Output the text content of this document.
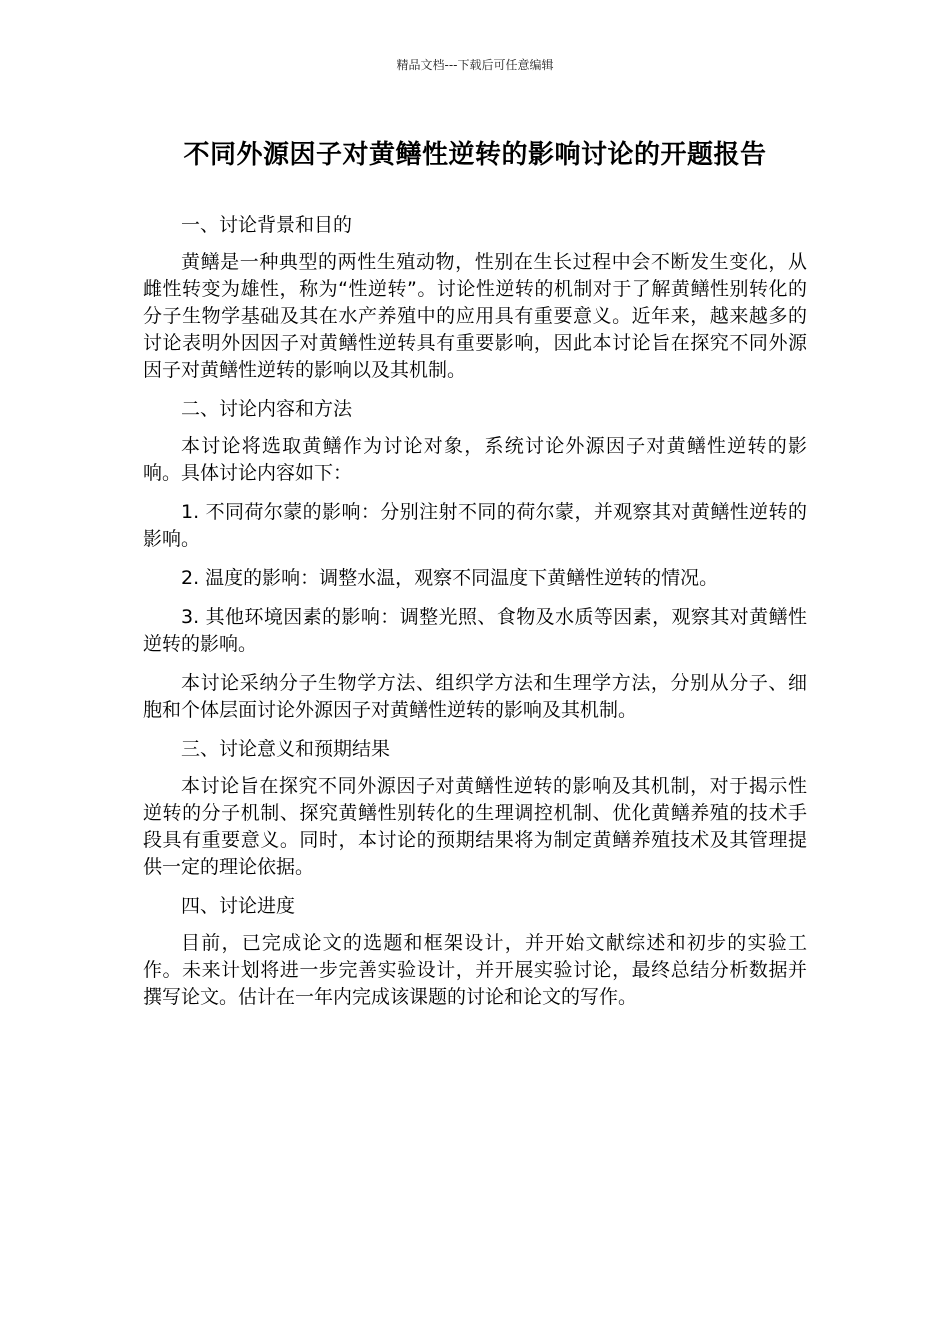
精品文档---下载后可任意编辑
不同外源因子对黄鳝性逆转的影响讨论的开题报告

一、讨论背景和目的

黄鳝是一种典型的两性生殖动物，性别在生长过程中会不断发生变化，从雌性转变为雄性，称为“性逆转”。讨论性逆转的机制对于了解黄鳝性别转化的分子生物学基础及其在水产养殖中的应用具有重要意义。近年来，越来越多的讨论表明外因因子对黄鳝性逆转具有重要影响，因此本讨论旨在探究不同外源因子对黄鳝性逆转的影响以及其机制。

二、讨论内容和方法

本讨论将选取黄鳝作为讨论对象，系统讨论外源因子对黄鳝性逆转的影响。具体讨论内容如下：

1. 不同荷尔蒙的影响：分别注射不同的荷尔蒙，并观察其对黄鳝性逆转的影响。

2. 温度的影响：调整水温，观察不同温度下黄鳝性逆转的情况。

3. 其他环境因素的影响：调整光照、食物及水质等因素，观察其对黄鳝性逆转的影响。

本讨论采纳分子生物学方法、组织学方法和生理学方法，分别从分子、细胞和个体层面讨论外源因子对黄鳝性逆转的影响及其机制。

三、讨论意义和预期结果

本讨论旨在探究不同外源因子对黄鳝性逆转的影响及其机制，对于揭示性逆转的分子机制、探究黄鳝性别转化的生理调控机制、优化黄鳝养殖的技术手段具有重要意义。同时，本讨论的预期结果将为制定黄鳝养殖技术及其管理提供一定的理论依据。

四、讨论进度

目前，已完成论文的选题和框架设计，并开始文献综述和初步的实验工作。未来计划将进一步完善实验设计，并开展实验讨论，最终总结分析数据并撰写论文。估计在一年内完成该课题的讨论和论文的写作。
